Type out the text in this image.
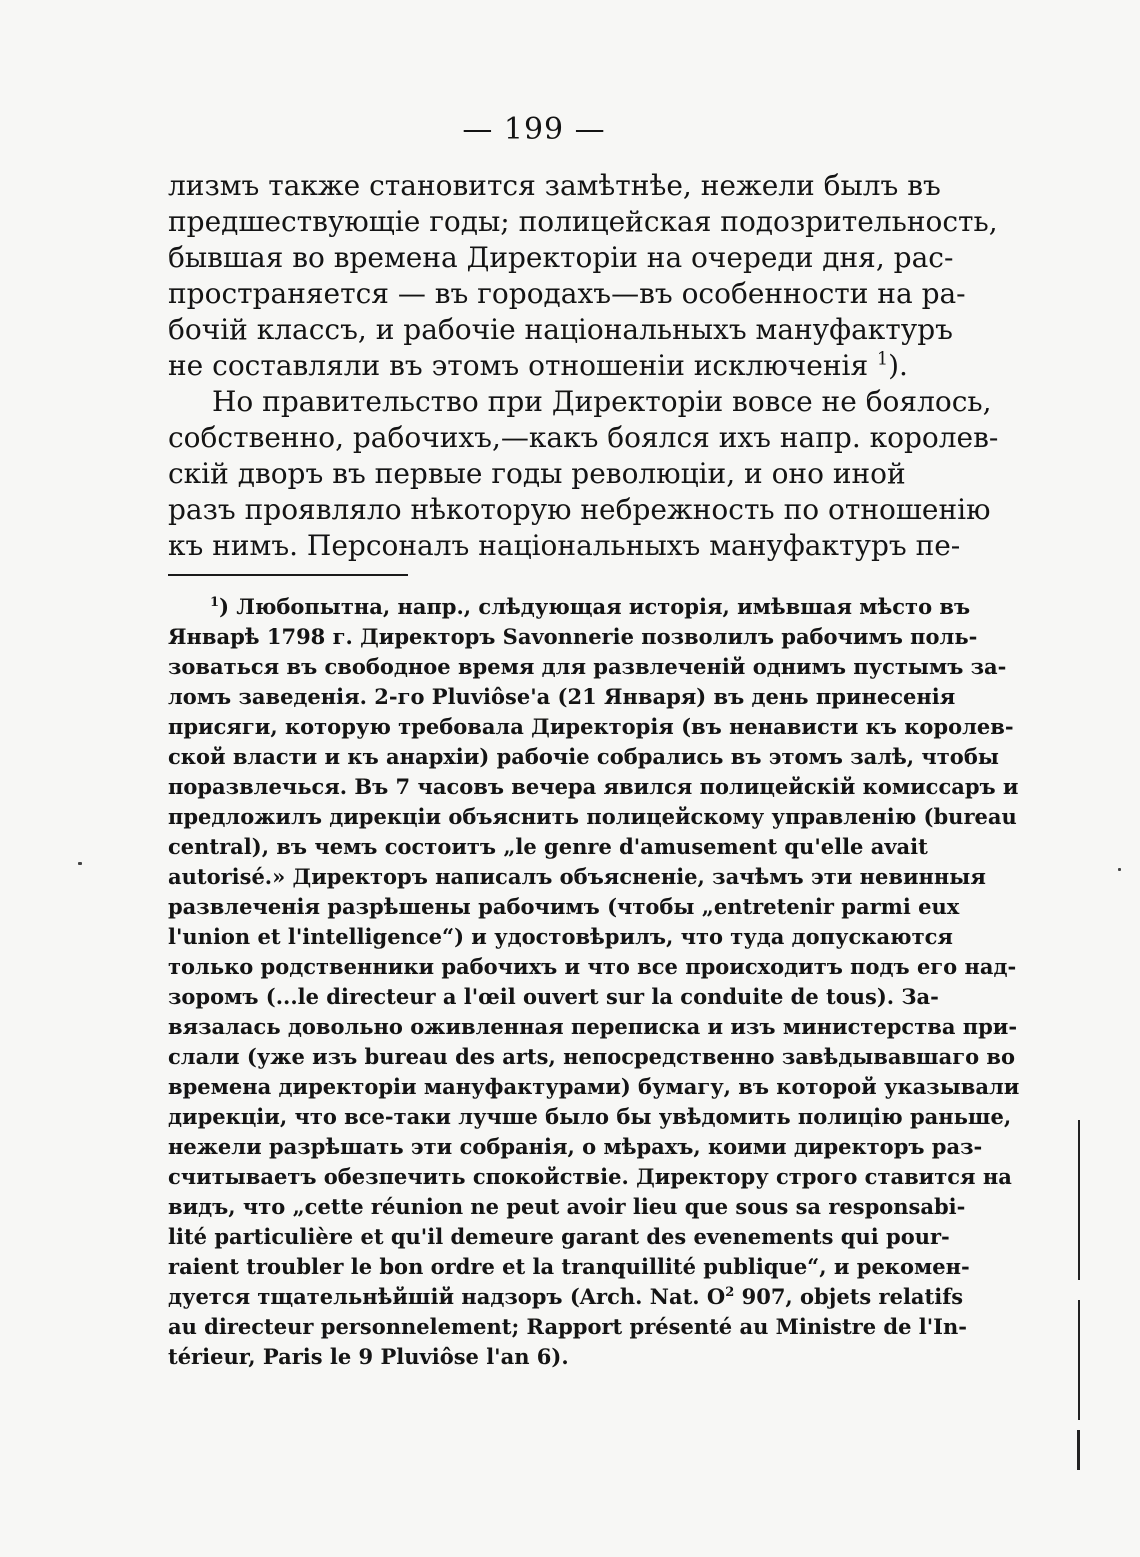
— 199 —
лизмъ также становится замѣтнѣе, нежели былъ въ
предшествующіе годы; полицейская подозрительность,
бывшая во времена Директоріи на очереди дня, рас-
пространяется — въ городахъ—въ особенности на ра-
бочій классъ, и рабочіе національныхъ мануфактуръ
не составляли въ этомъ отношеніи исключенія $^1$).
Но правительство при Директоріи вовсе не боялось,
собственно, рабочихъ,—какъ боялся ихъ напр. королев-
скій дворъ въ первые годы революціи, и оно иной
разъ проявляло нѣкоторую небрежность по отношенію
къ нимъ. Персоналъ національныхъ мануфактуръ пе-
$^1$) Любопытна, напр., слѣдующая исторія, имѣвшая мѣсто въ
Январѣ 1798 г. Директоръ Savonnerie позволилъ рабочимъ поль-
зоваться въ свободное время для развлеченій однимъ пустымъ за-
ломъ заведенія. 2-го Pluviôse'а (21 Января) въ день принесенія
присяги, которую требовала Директорія (въ ненависти къ королев-
ской власти и къ анархіи) рабочіе собрались въ этомъ залѣ, чтобы
поразвлечься. Въ 7 часовъ вечера явился полицейскій комиссаръ и
предложилъ дирекціи объяснить полицейскому управленію (bureau
central), въ чемъ состоитъ „le genre d'amusement qu'elle avait
autorisé.» Директоръ написалъ объясненіе, зачѣмъ эти невинныя
развлеченія разрѣшены рабочимъ (чтобы „entretenir parmi eux
l'union et l'intelligence“) и удостовѣрилъ, что туда допускаются
только родственники рабочихъ и что все происходитъ подъ его над-
зоромъ (...le directeur a l'œil ouvert sur la conduite de tous). За-
вязалась довольно оживленная переписка и изъ министерства при-
слали (уже изъ bureau des arts, непосредственно завѣдывавшаго во
времена директоріи мануфактурами) бумагу, въ которой указывали
дирекціи, что все-таки лучше было бы увѣдомить полицію раньше,
нежели разрѣшать эти собранія, о мѣрахъ, коими директоръ раз-
считываетъ обезпечить спокойствіе. Директору строго ставится на
видъ, что „cette réunion ne peut avoir lieu que sous sa responsabi-
lité particulière et qu'il demeure garant des evenements qui pour-
raient troubler le bon ordre et la tranquillité publique“, и рекомен-
дуется тщательнѣйшій надзоръ (Arch. Nat. $O^2$ 907, objets relatifs
au directeur personnelement; Rapport présenté au Ministre de l'In-
térieur, Paris le 9 Pluviôse l'an 6).
